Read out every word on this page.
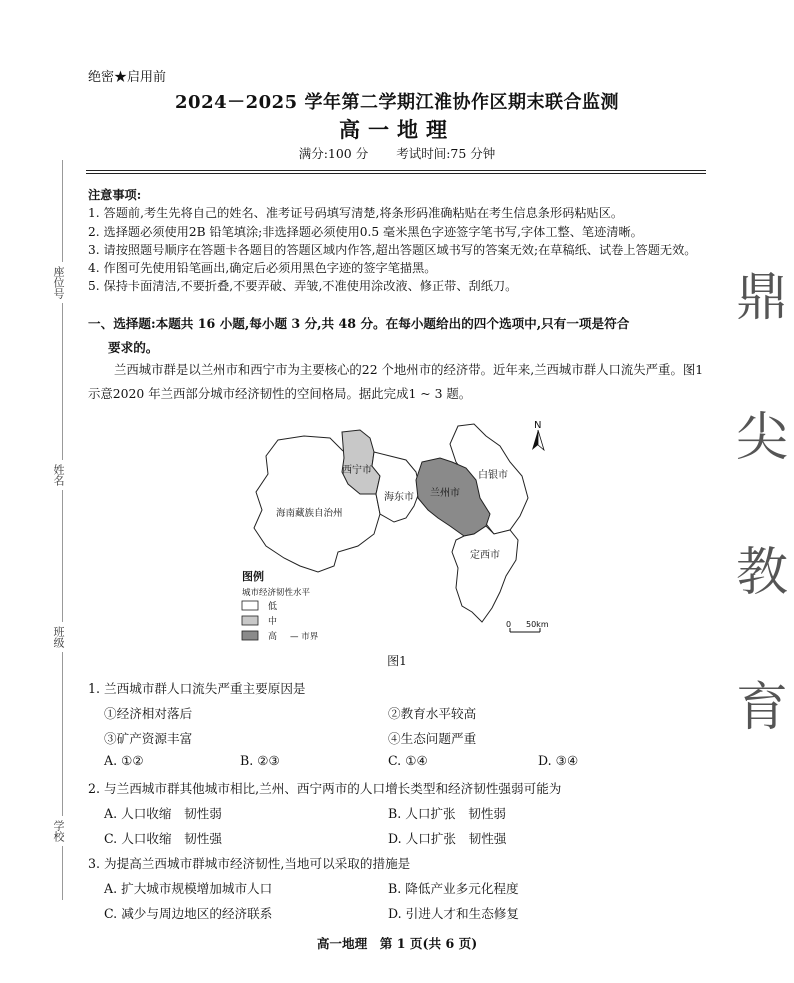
绝密★启用前
2024－2025 学年第二学期江淮协作区期末联合监测
高一地理
满分:100 分 考试时间:75 分钟
座位号
姓名
班级
学校
注意事项:
1. 答题前,考生先将自己的姓名、准考证号码填写清楚,将条形码准确粘贴在考生信息条形码粘贴区。
2. 选择题必须使用2B 铅笔填涂;非选择题必须使用0.5 毫米黑色字迹签字笔书写,字体工整、笔迹清晰。
3. 请按照题号顺序在答题卡各题目的答题区域内作答,超出答题区域书写的答案无效;在草稿纸、试卷上答题无效。
4. 作图可先使用铅笔画出,确定后必须用黑色字迹的签字笔描黑。
5. 保持卡面清洁,不要折叠,不要弄破、弄皱,不准使用涂改液、修正带、刮纸刀。
一、选择题:本题共 16 小题,每小题 3 分,共 48 分。在每小题给出的四个选项中,只有一项是符合
要求的。
兰西城市群是以兰州市和西宁市为主要核心的22 个地州市的经济带。近年来,兰西城市群人口流失严重。图1 示意2020 年兰西部分城市经济韧性的空间格局。据此完成1 ~ 3 题。
鼎
尖
教
育
西宁市
海东市 兰州市
白银市
海南藏族自治州
定西市
N
图例
城市经济韧性水平
低
中
高 — 市界
0 50km
图1
1. 兰西城市群人口流失严重主要原因是
①经济相对落后	②教育水平较高
③矿产资源丰富	④生态问题严重
A. ①②	B. ②③	C. ①④	D. ③④
2. 与兰西城市群其他城市相比,兰州、西宁两市的人口增长类型和经济韧性强弱可能为
A. 人口收缩　韧性弱	B. 人口扩张　韧性弱
C. 人口收缩　韧性强	D. 人口扩张　韧性强
3. 为提高兰西城市群城市经济韧性,当地可以采取的措施是
A. 扩大城市规模增加城市人口	B. 降低产业多元化程度
C. 减少与周边地区的经济联系	D. 引进人才和生态修复
高一地理　第 1 页(共 6 页)
